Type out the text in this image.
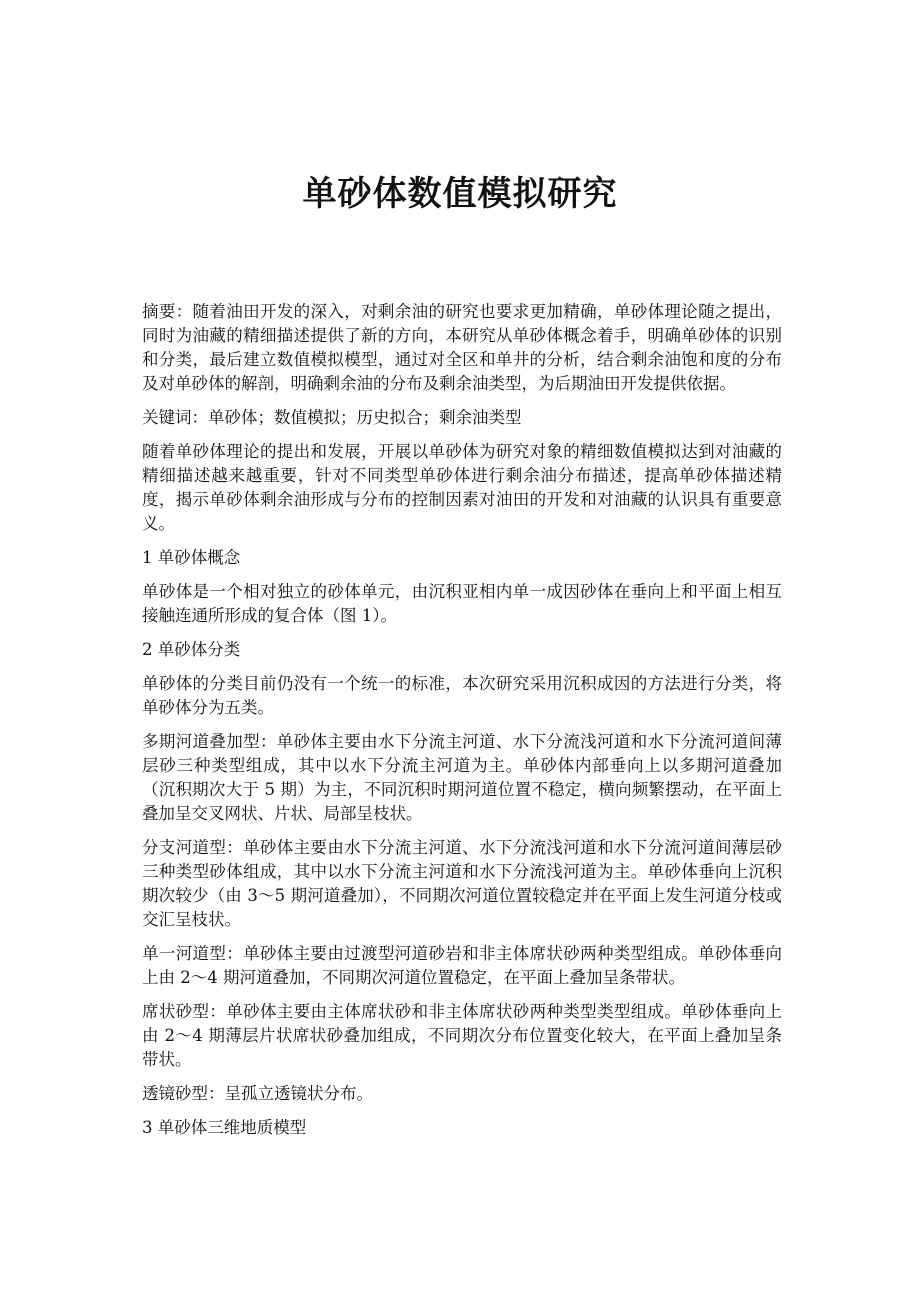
单砂体数值模拟研究

摘要：随着油田开发的深入，对剩余油的研究也要求更加精确，单砂体理论随之提出，同时为油藏的精细描述提供了新的方向，本研究从单砂体概念着手，明确单砂体的识别和分类，最后建立数值模拟模型，通过对全区和单井的分析，结合剩余油饱和度的分布及对单砂体的解剖，明确剩余油的分布及剩余油类型，为后期油田开发提供依据。

关键词：单砂体；数值模拟；历史拟合；剩余油类型

随着单砂体理论的提出和发展，开展以单砂体为研究对象的精细数值模拟达到对油藏的精细描述越来越重要，针对不同类型单砂体进行剩余油分布描述，提高单砂体描述精度，揭示单砂体剩余油形成与分布的控制因素对油田的开发和对油藏的认识具有重要意义。

1 单砂体概念

单砂体是一个相对独立的砂体单元，由沉积亚相内单一成因砂体在垂向上和平面上相互接触连通所形成的复合体（图 1）。

2 单砂体分类

单砂体的分类目前仍没有一个统一的标准，本次研究采用沉积成因的方法进行分类，将单砂体分为五类。

多期河道叠加型：单砂体主要由水下分流主河道、水下分流浅河道和水下分流河道间薄层砂三种类型组成，其中以水下分流主河道为主。单砂体内部垂向上以多期河道叠加（沉积期次大于 5 期）为主，不同沉积时期河道位置不稳定，横向频繁摆动，在平面上叠加呈交叉网状、片状、局部呈枝状。

分支河道型：单砂体主要由水下分流主河道、水下分流浅河道和水下分流河道间薄层砂三种类型砂体组成，其中以水下分流主河道和水下分流浅河道为主。单砂体垂向上沉积期次较少（由 3～5 期河道叠加），不同期次河道位置较稳定并在平面上发生河道分枝或交汇呈枝状。

单一河道型：单砂体主要由过渡型河道砂岩和非主体席状砂两种类型组成。单砂体垂向上由 2～4 期河道叠加，不同期次河道位置稳定，在平面上叠加呈条带状。

席状砂型：单砂体主要由主体席状砂和非主体席状砂两种类型类型组成。单砂体垂向上由 2～4 期薄层片状席状砂叠加组成，不同期次分布位置变化较大，在平面上叠加呈条带状。

透镜砂型：呈孤立透镜状分布。

3 单砂体三维地质模型
